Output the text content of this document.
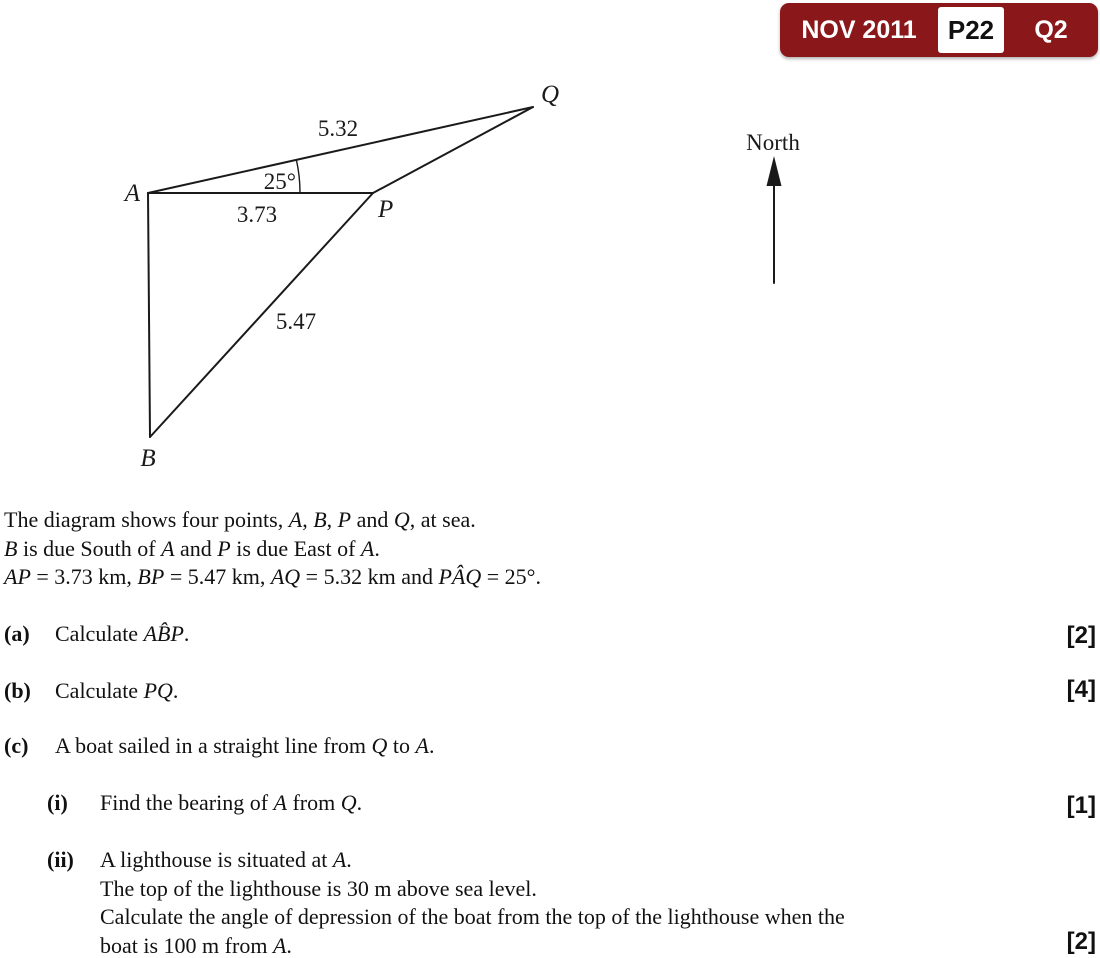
NOV 2011	P22	Q2
North
A
B
P
Q
5.32
25°
3.73
5.47

The diagram shows four points, A, B, P and Q, at sea.

B is due South of A and P is due East of A.

AP = 3.73 km, BP = 5.47 km, AQ = 5.32 km and PÂQ = 25°.

(a)	Calculate AB̂P.
(b)	Calculate PQ.
(c)	A boat sailed in a straight line from Q to A.
(i)	Find the bearing of A from Q.
(ii)	A lighthouse is situated at A.

The top of the lighthouse is 30 m above sea level.

Calculate the angle of depression of the boat from the top of the lighthouse when the

boat is 100 m from A.

[2]
[4]
[1]
[2]
